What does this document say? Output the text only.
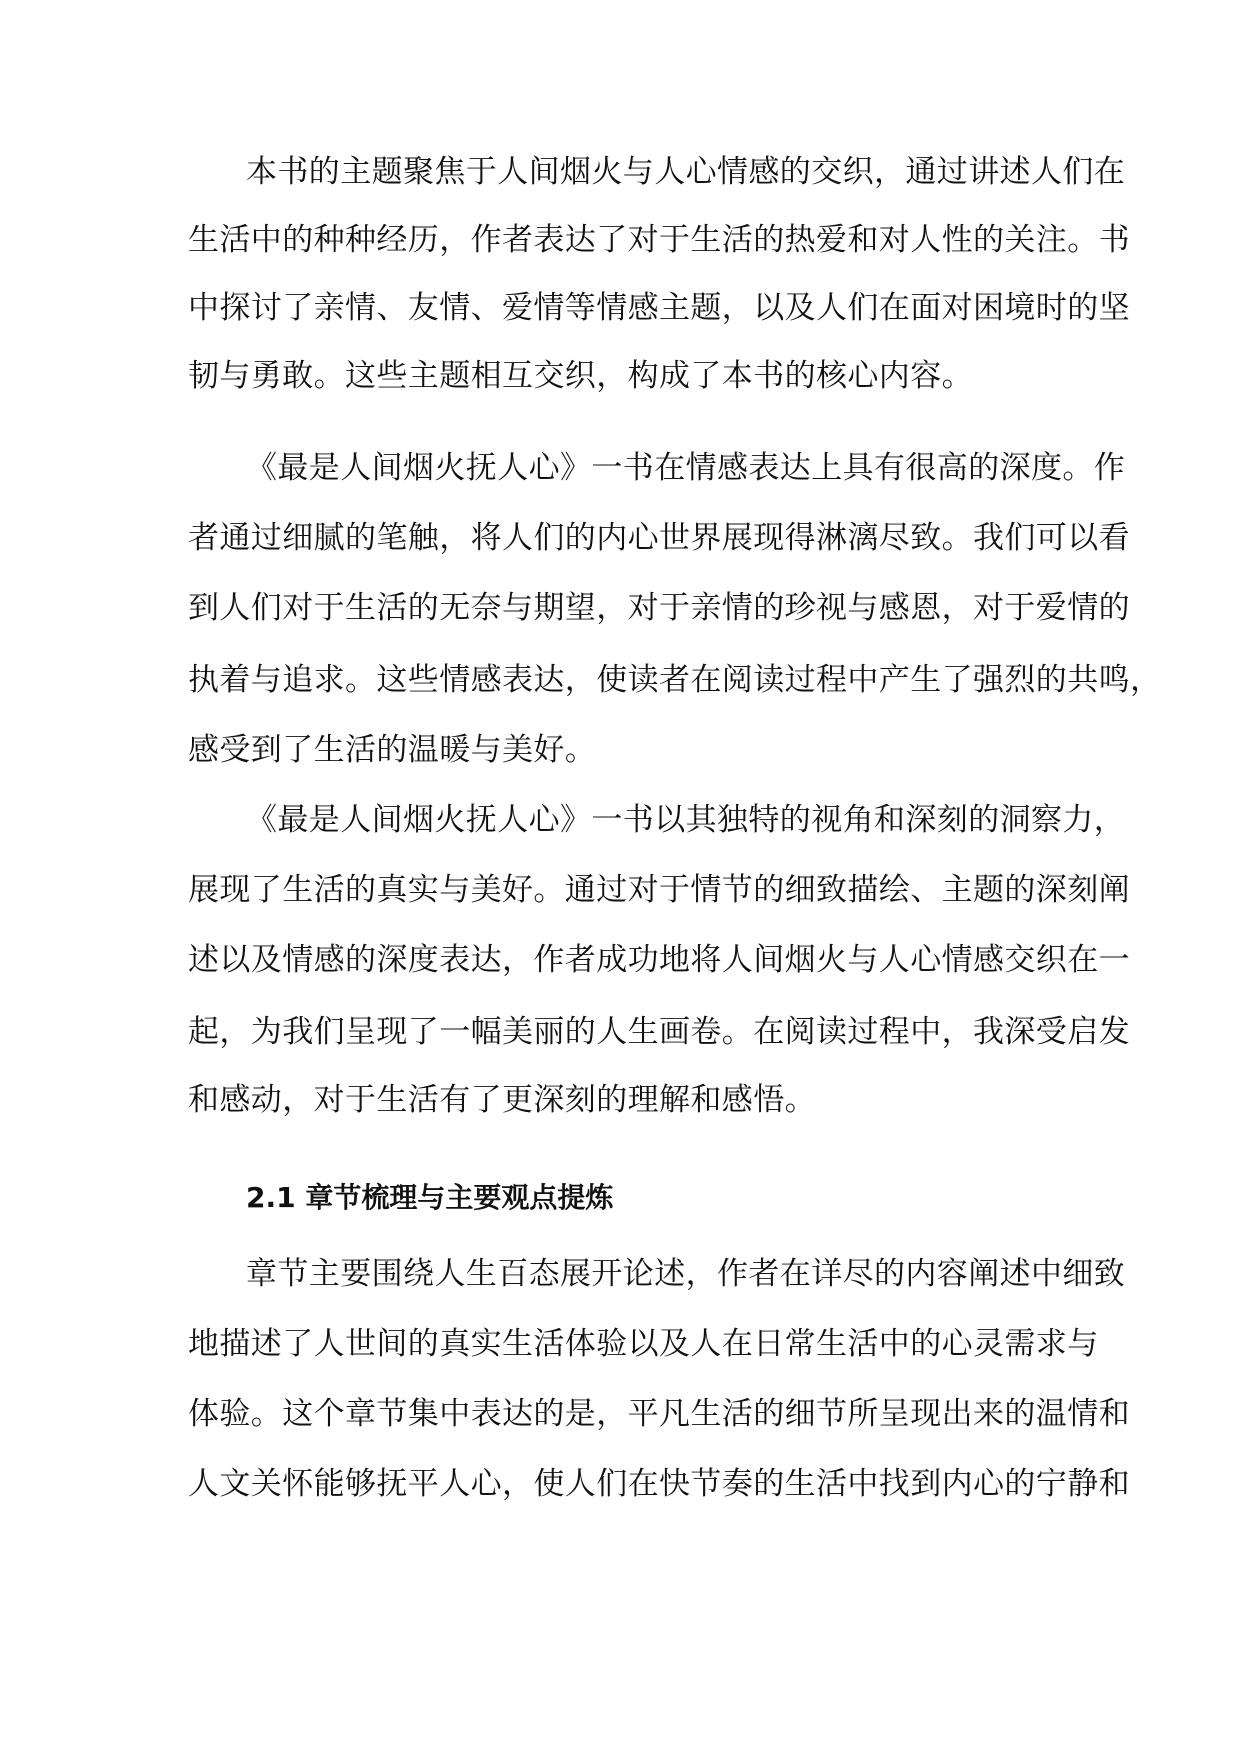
本书的主题聚焦于人间烟火与人心情感的交织，通过讲述人们在
生活中的种种经历，作者表达了对于生活的热爱和对人性的关注。书
中探讨了亲情、友情、爱情等情感主题，以及人们在面对困境时的坚
韧与勇敢。这些主题相互交织，构成了本书的核心内容。
《最是人间烟火抚人心》一书在情感表达上具有很高的深度。作
者通过细腻的笔触，将人们的内心世界展现得淋漓尽致。我们可以看
到人们对于生活的无奈与期望，对于亲情的珍视与感恩，对于爱情的
执着与追求。这些情感表达，使读者在阅读过程中产生了强烈的共鸣，
感受到了生活的温暖与美好。
《最是人间烟火抚人心》一书以其独特的视角和深刻的洞察力，
展现了生活的真实与美好。通过对于情节的细致描绘、主题的深刻阐
述以及情感的深度表达，作者成功地将人间烟火与人心情感交织在一
起，为我们呈现了一幅美丽的人生画卷。在阅读过程中，我深受启发
和感动，对于生活有了更深刻的理解和感悟。
2.1 章节梳理与主要观点提炼
章节主要围绕人生百态展开论述，作者在详尽的内容阐述中细致
地描述了人世间的真实生活体验以及人在日常生活中的心灵需求与
体验。这个章节集中表达的是，平凡生活的细节所呈现出来的温情和
人文关怀能够抚平人心，使人们在快节奏的生活中找到内心的宁静和
